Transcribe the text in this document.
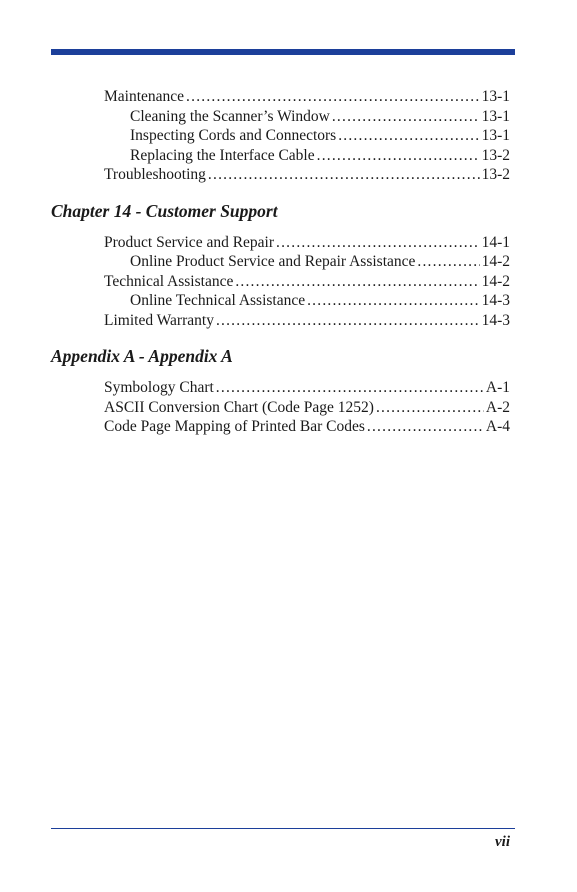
Maintenance .....	13-1
Cleaning the Scanner’s Window .....	13-1
Inspecting Cords and Connectors .....	13-1
Replacing the Interface Cable .....	13-2
Troubleshooting .....	13-2
Chapter 14 - Customer Support
Product Service and Repair .....	14-1
Online Product Service and Repair Assistance .....	14-2
Technical Assistance .....	14-2
Online Technical Assistance .....	14-3
Limited Warranty .....	14-3
Appendix A - Appendix A
Symbology Chart .....	A-1
ASCII Conversion Chart (Code Page 1252) .....	A-2
Code Page Mapping of Printed Bar Codes .....	A-4
vii
